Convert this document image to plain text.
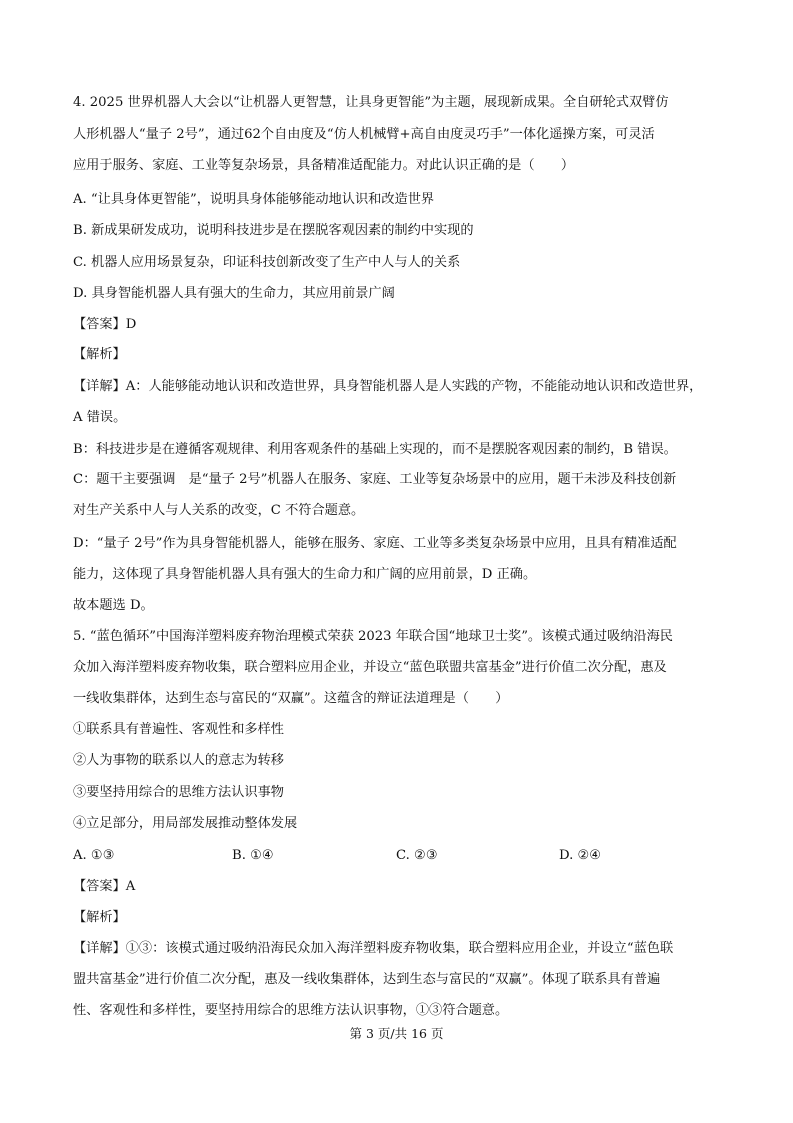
4. 2025 世界机器人大会以“让机器人更智慧，让具身更智能”为主题，展现新成果。全自研轮式双臂仿
人形机器人“量子 2号”，通过62个自由度及“仿人机械臂+高自由度灵巧手”一体化遥操方案，可灵活
应用于服务、家庭、工业等复杂场景，具备精准适配能力。对此认识正确的是（　　）
A. “让具身体更智能”，说明具身体能够能动地认识和改造世界
B. 新成果研发成功，说明科技进步是在摆脱客观因素的制约中实现的
C. 机器人应用场景复杂，印证科技创新改变了生产中人与人的关系
D. 具身智能机器人具有强大的生命力，其应用前景广阔
【答案】D
【解析】
【详解】A：人能够能动地认识和改造世界，具身智能机器人是人实践的产物，不能能动地认识和改造世界，
A 错误。
B：科技进步是在遵循客观规律、利用客观条件的基础上实现的，而不是摆脱客观因素的制约，B 错误。
C：题干主要强调　是“量子 2号”机器人在服务、家庭、工业等复杂场景中的应用，题干未涉及科技创新
对生产关系中人与人关系的改变，C 不符合题意。
D：“量子 2号”作为具身智能机器人，能够在服务、家庭、工业等多类复杂场景中应用，且具有精准适配
能力，这体现了具身智能机器人具有强大的生命力和广阔的应用前景，D 正确。
故本题选 D。
5. “蓝色循环”中国海洋塑料废弃物治理模式荣获 2023 年联合国“地球卫士奖”。该模式通过吸纳沿海民
众加入海洋塑料废弃物收集，联合塑料应用企业，并设立“蓝色联盟共富基金”进行价值二次分配，惠及
一线收集群体，达到生态与富民的“双赢”。这蕴含的辩证法道理是（　　）
①联系具有普遍性、客观性和多样性
②人为事物的联系以人的意志为转移
③要坚持用综合的思维方法认识事物
④立足部分，用局部发展推动整体发展
A. ①③	B. ①④	C. ②③	D. ②④
【答案】A
【解析】
【详解】①③：该模式通过吸纳沿海民众加入海洋塑料废弃物收集，联合塑料应用企业，并设立“蓝色联
盟共富基金”进行价值二次分配，惠及一线收集群体，达到生态与富民的“双赢”。体现了联系具有普遍
性、客观性和多样性，要坚持用综合的思维方法认识事物，①③符合题意。
第 3 页/共 16 页
